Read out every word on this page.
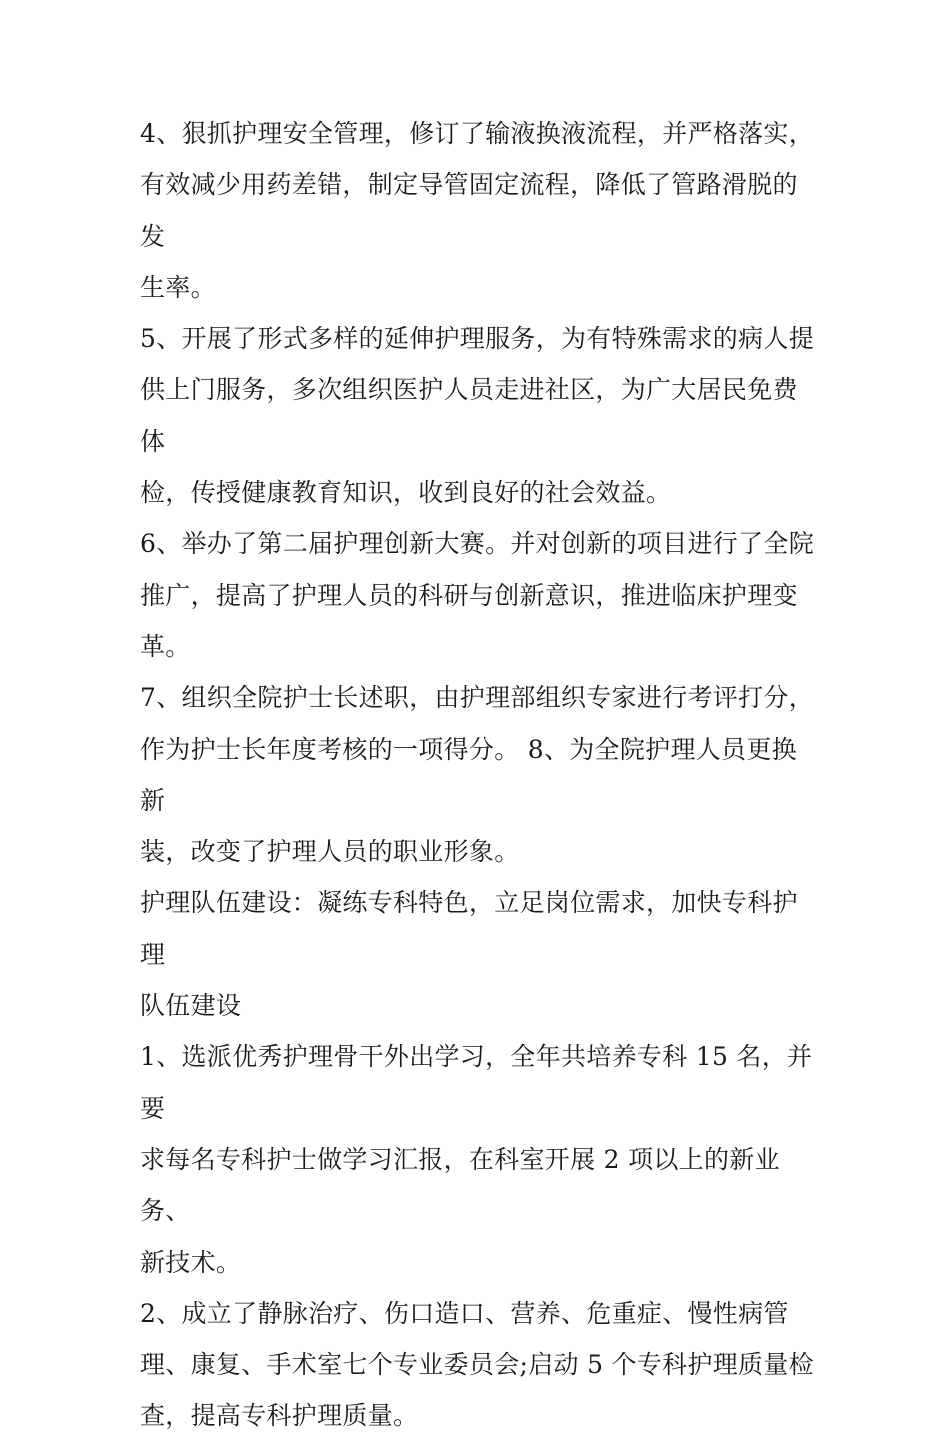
4、狠抓护理安全管理，修订了输液换液流程，并严格落实，
有效减少用药差错，制定导管固定流程，降低了管路滑脱的发
生率。
5、开展了形式多样的延伸护理服务，为有特殊需求的病人提
供上门服务，多次组织医护人员走进社区，为广大居民免费体
检，传授健康教育知识，收到良好的社会效益。
6、举办了第二届护理创新大赛。并对创新的项目进行了全院
推广，提高了护理人员的科研与创新意识，推进临床护理变
革。
7、组织全院护士长述职，由护理部组织专家进行考评打分，
作为护士长年度考核的一项得分。 8、为全院护理人员更换新
装，改变了护理人员的职业形象。
护理队伍建设：凝练专科特色，立足岗位需求，加快专科护理
队伍建设
1、选派优秀护理骨干外出学习，全年共培养专科 15 名，并要
求每名专科护士做学习汇报，在科室开展 2 项以上的新业务、
新技术。
2、成立了静脉治疗、伤口造口、营养、危重症、慢性病管
理、康复、手术室七个专业委员会;启动 5 个专科护理质量检
查，提高专科护理质量。
